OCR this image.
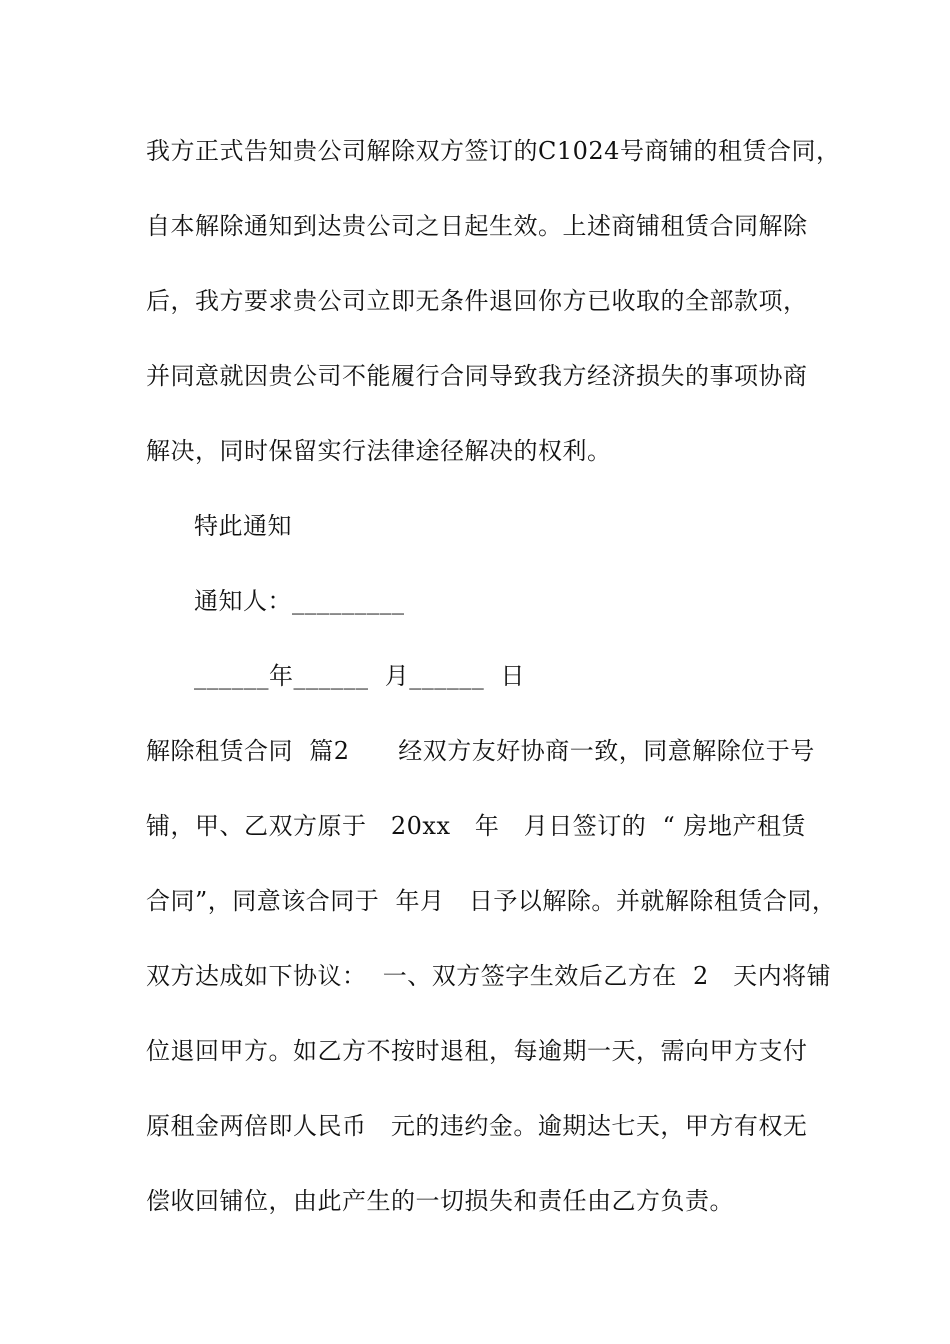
我方正式告知贵公司解除双方签订的C1024号商铺的租赁合同，
自本解除通知到达贵公司之日起生效。上述商铺租赁合同解除
后，我方要求贵公司立即无条件退回你方已收取的全部款项，
并同意就因贵公司不能履行合同导致我方经济损失的事项协商
解决，同时保留实行法律途径解决的权利。
特此通知
通知人：_________
______年______  月______  日
解除租赁合同  篇2      经双方友好协商一致，同意解除位于号
铺，甲、乙双方原于   20xx   年   月日签订的  “ 房地产租赁
合同”，同意该合同于  年月   日予以解除。并就解除租赁合同，
双方达成如下协议：  一、双方签字生效后乙方在  2   天内将铺
位退回甲方。如乙方不按时退租，每逾期一天，需向甲方支付
原租金两倍即人民币   元的违约金。逾期达七天，甲方有权无
偿收回铺位，由此产生的一切损失和责任由乙方负责。
